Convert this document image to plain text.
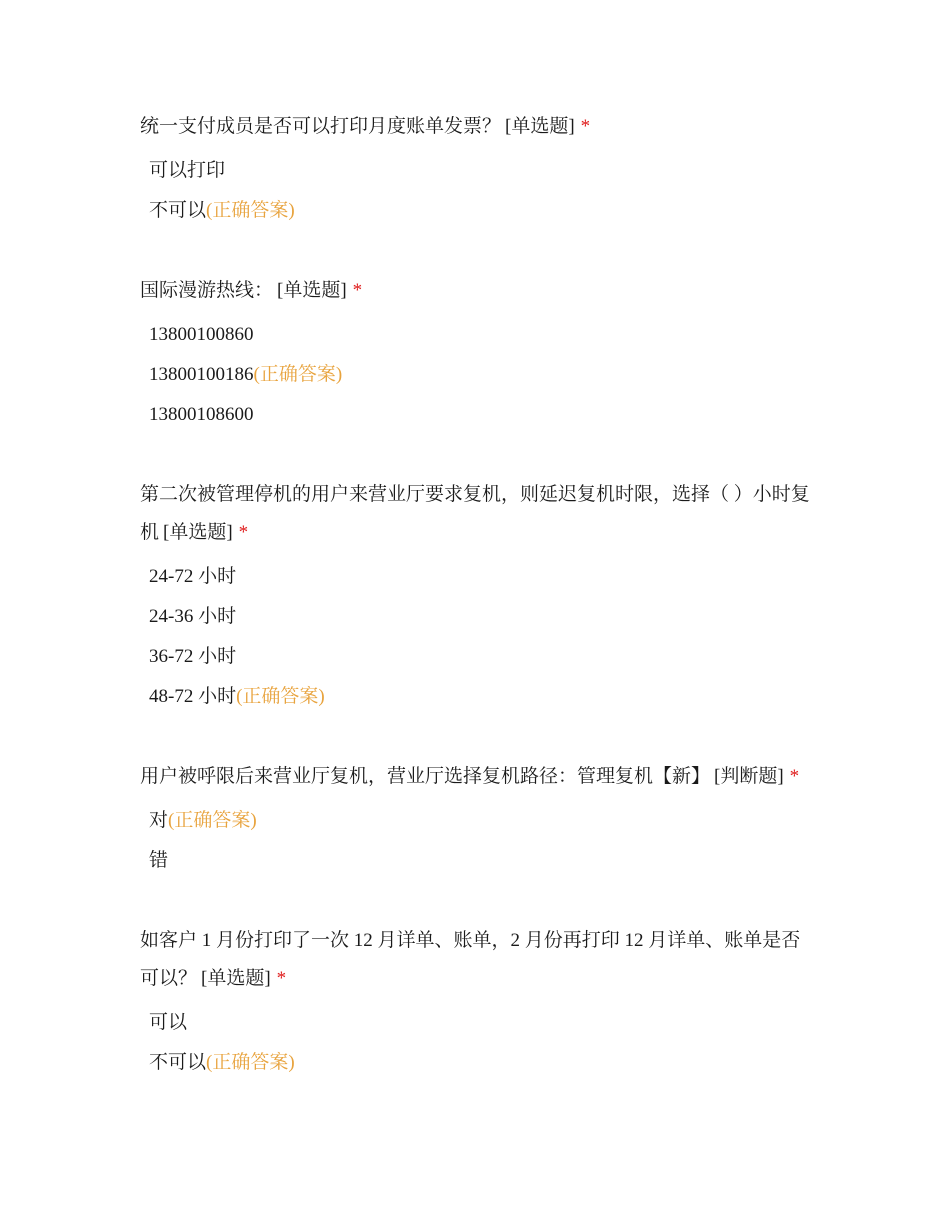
统一支付成员是否可以打印月度账单发票？ [单选题] *
可以打印
不可以(正确答案)
国际漫游热线： [单选题] *
13800100860
13800100186(正确答案)
13800108600
第二次被管理停机的用户来营业厅要求复机，则延迟复机时限，选择（ ）小时复机 [单选题] *
24-72 小时
24-36 小时
36-72 小时
48-72 小时(正确答案)
用户被呼限后来营业厅复机，营业厅选择复机路径：管理复机【新】 [判断题] *
对(正确答案)
错
如客户 1 月份打印了一次 12 月详单、账单，2 月份再打印 12 月详单、账单是否可以？ [单选题] *
可以
不可以(正确答案)
